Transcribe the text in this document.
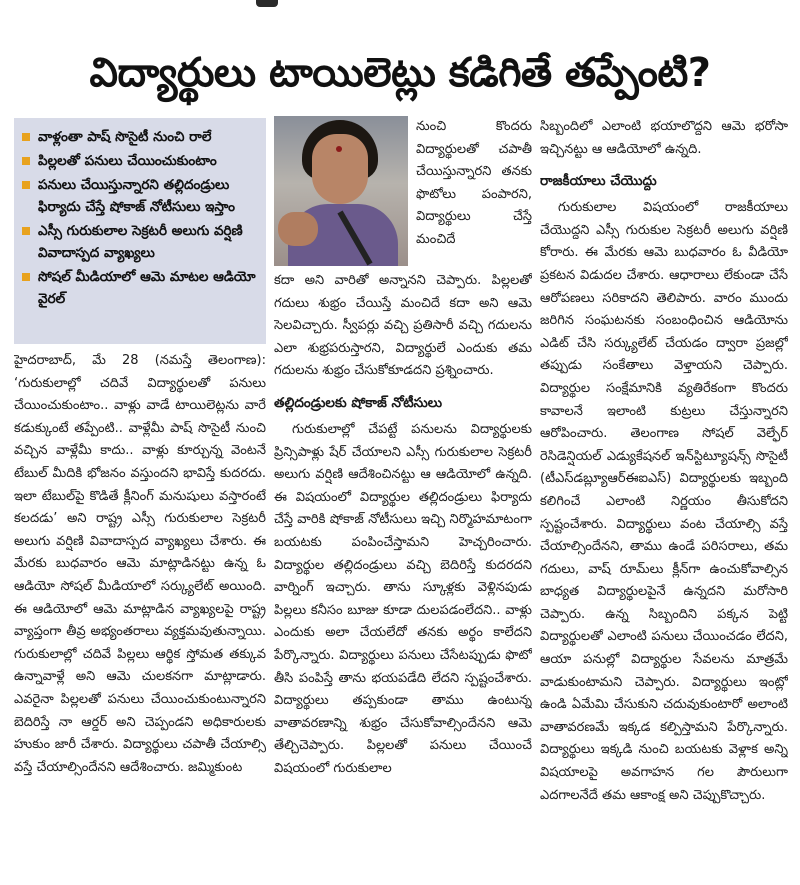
విద్యార్థులు టాయిలెట్లు కడిగితే తప్పేంటి?
వాళ్లంతా పాష్ సొసైటీ నుంచి రాలే
పిల్లలతో పనులు చేయించుకుంటాం
పనులు చేయిస్తున్నారని తల్లిదండ్రులు ఫిర్యాదు చేస్తే షోకాజ్ నోటీసులు ఇస్తాం
ఎస్సీ గురుకులాల సెక్రటరీ అలుగు వర్షిణి వివాదాస్పద వ్యాఖ్యలు
సోషల్ మీడియాలో ఆమె మాటల ఆడియో వైరల్

హైదరాబాద్, మే 28 (నమస్తే తెలంగాణ): ‘గురుకులాల్లో చదివే విద్యార్థులతో పనులు చేయించుకుంటాం.. వాళ్లు వాడే టాయిలెట్లను వారే కడుక్కుంటే తప్పేంటి.. వాళ్లేమీ పాష్ సొసైటీ నుంచి వచ్చిన వాళ్లేమీ కాదు.. వాళ్లు కూర్చున్న వెంటనే టేబుల్ మీదికి భోజనం వస్తుందని భావిస్తే కుదరదు. ఇలా టేబుల్‌పై కొడితే క్లీనింగ్ మనుషులు వస్తారంటే కలదడు’ అని రాష్ట్ర ఎస్సీ గురుకులాల సెక్రటరీ అలుగు వర్షిణి వివాదాస్పద వ్యాఖ్యలు చేశారు. ఈ మేరకు బుధవారం ఆమె మాట్లాడినట్టు ఉన్న ఓ ఆడియో సోషల్ మీడియాలో సర్క్యులేట్ అయింది. ఈ ఆడియోలో ఆమె మాట్లాడిన వ్యాఖ్యలపై రాష్ట్ర వ్యాప్తంగా తీవ్ర అభ్యంతరాలు వ్యక్తమవుతున్నాయి. గురుకులాల్లో చదివే పిల్లలు ఆర్థిక స్తోమత తక్కువ ఉన్నావాళ్లే అని ఆమె చులకనగా మాట్లాడారు. ఎవరైనా పిల్లలతో పనులు చేయించుకుంటున్నారని బెదిరిస్తే నా ఆర్డర్ అని చెప్పండని అధికారులకు హుకుం జారీ చేశారు. విద్యార్థులు చపాతీ చేయాల్సి వస్తే చేయాల్సిందేనని ఆదేశించారు. జమ్మికుంట

నుంచి కొందరు విద్యార్థులతో చపాతీ చేయిస్తున్నారని తనకు ఫొటోలు పంపారని, విద్యార్థులు చేస్తే మంచిదే

కదా అని వారితో అన్నానని చెప్పారు. పిల్లలతో గదులు శుభ్రం చేయిస్తే మంచిదే కదా అని ఆమె సెలవిచ్చారు. స్వీపర్లు వచ్చి ప్రతిసారీ వచ్చి గదులను ఎలా శుభ్రపరుస్తారని, విద్యార్థులే ఎందుకు తమ గదులను శుభ్రం చేసుకోకూడదని ప్రశ్నించారు.

తల్లిదండ్రులకు షోకాజ్ నోటీసులు

గురుకులాల్లో చేపట్టే పనులను విద్యార్థులకు ప్రిన్సిపాళ్లు షేర్ చేయాలని ఎస్సీ గురుకులాల సెక్రటరీ అలుగు వర్షిణి ఆదేశించినట్టు ఆ ఆడియోలో ఉన్నది. ఈ విషయంలో విద్యార్థుల తల్లిదండ్రులు ఫిర్యాదు చేస్తే వారికి షోకాజ్ నోటీసులు ఇచ్చి నిర్మొహమాటంగా బయటకు పంపించేస్తామని హెచ్చరించారు. విద్యార్థుల తల్లిదండ్రులు వచ్చి బెదిరిస్తే కుదరదని వార్నింగ్ ఇచ్చారు. తాను స్కూళ్లకు వెళ్లినపుడు పిల్లలు కనీసం బూజు కూడా దులపడంలేదని.. వాళ్లు ఎందుకు అలా చేయలేదో తనకు అర్థం కాలేదని పేర్కొన్నారు. విద్యార్థులు పనులు చేసేటప్పుడు ఫొటో తీసి పంపిస్తే తాను భయపడేది లేదని స్పష్టంచేశారు. విద్యార్థులు తప్పకుండా తాము ఉంటున్న వాతావరణాన్ని శుభ్రం చేసుకోవాల్సిందేనని ఆమె తేల్చిచెప్పారు. పిల్లలతో పనులు చేయించే విషయంలో గురుకులాల

సిబ్బందిలో ఎలాంటి భయాలొద్దని ఆమె భరోసా ఇచ్చినట్టు ఆ ఆడియోలో ఉన్నది.

రాజకీయాలు చేయొద్దు

గురుకులాల విషయంలో రాజకీయాలు చేయొద్దని ఎస్సీ గురుకుల సెక్రటరీ అలుగు వర్షిణి కోరారు. ఈ మేరకు ఆమె బుధవారం ఓ వీడియో ప్రకటన విడుదల చేశారు. ఆధారాలు లేకుండా చేసే ఆరోపణలు సరికాదని తెలిపారు. వారం ముందు జరిగిన సంఘటనకు సంబంధించిన ఆడియోను ఎడిట్ చేసి సర్క్యులేట్ చేయడం ద్వారా ప్రజల్లో తప్పుడు సంకేతాలు వెళ్తాయని చెప్పారు. విద్యార్థుల సంక్షేమానికి వ్యతిరేకంగా కొందరు కావాలనే ఇలాంటి కుట్రలు చేస్తున్నారని ఆరోపించారు. తెలంగాణ సోషల్ వెల్ఫేర్ రెసిడెన్షియల్ ఎడ్యుకేషనల్ ఇన్‌స్టిట్యూషన్స్ సొసైటీ (టీఎస్‌డబ్ల్యూఆర్ఈఐఎస్) విద్యార్థులకు ఇబ్బంది కలిగించే ఎలాంటి నిర్ణయం తీసుకోదని స్పష్టంచేశారు. విద్యార్థులు వంట చేయాల్సి వస్తే చేయాల్సిందేనని, తాము ఉండే పరిసరాలు, తమ గదులు, వాష్ రూమ్‌లు క్లీన్‌గా ఉంచుకోవాల్సిన బాధ్యత విద్యార్థులపైనే ఉన్నదని మరోసారి చెప్పారు. ఉన్న సిబ్బందిని పక్కన పెట్టి విద్యార్థులతో ఎలాంటి పనులు చేయించడం లేదని, ఆయా పనుల్లో విద్యార్థుల సేవలను మాత్రమే వాడుకుంటామని చెప్పారు. విద్యార్థులు ఇంట్లో ఉండి ఏమేమి చేసుకుని చదువుకుంటారో అలాంటి వాతావరణమే ఇక్కడ కల్పిస్తామని పేర్కొన్నారు. విద్యార్థులు ఇక్కడి నుంచి బయటకు వెళ్లాక అన్ని విషయాలపై అవగాహన గల పౌరులుగా ఎదగాలనేదే తమ ఆకాంక్ష అని చెప్పుకొచ్చారు.
